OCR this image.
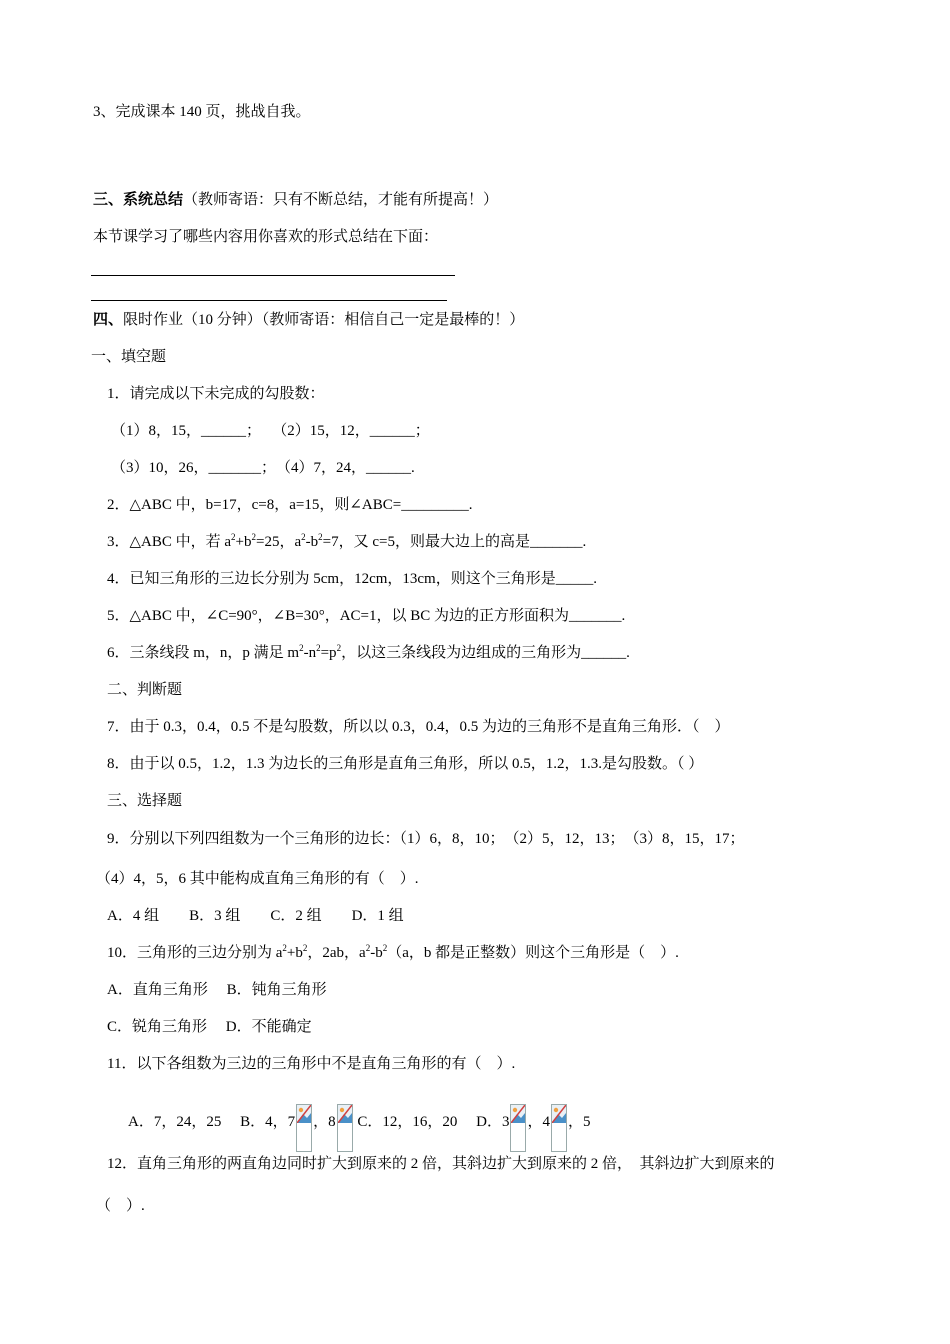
3、完成课本 140 页，挑战自我。
三、系统总结（教师寄语：只有不断总结，才能有所提高！）
本节课学习了哪些内容用你喜欢的形式总结在下面：
四、限时作业（10 分钟）（教师寄语：相信自己一定是最棒的！）
一、填空题
1．请完成以下未完成的勾股数：
（1）8，15，______；　 （2）15，12，______；
（3）10，26，_______；　（4）7，24，______.
2．△ABC 中，b=17，c=8，a=15，则∠ABC=_________.
3．△ABC 中，若 $a^2+b^2=25$，$a^2-b^2=7$，又 c=5，则最大边上的高是_______.
4．已知三角形的三边长分别为 5cm，12cm，13cm，则这个三角形是_____.
5．△ABC 中，∠C=90°，∠B=30°，AC=1，以 BC 为边的正方形面积为_______.
6．三条线段 m，n，p 满足 $m^2-n^2=p^2$，以这三条线段为边组成的三角形为______.
二、判断题
7．由于 0.3，0.4，0.5 不是勾股数，所以以 0.3，0.4，0.5 为边的三角形不是直角三角形．（　）
8．由于以 0.5，1.2，1.3 为边长的三角形是直角三角形，所以 0.5，1.2，1.3.是勾股数。（ ）
三、选择题
9．分别以下列四组数为一个三角形的边长：（1）6，8，10；　（2）5，12，13；　（3）8，15，17；
（4）4，5，6 其中能构成直角三角形的有（　）.
A．4 组　　B．3 组　　C．2 组　　D．1 组
10．三角形的三边分别为 $a^2+b^2$，2ab，$a^2-b^2(a$，b 都是正整数）则这个三角形是（　）.
A．直角三角形　 B．钝角三角形
C．锐角三角形　 D．不能确定
11．以下各组数为三边的三角形中不是直角三角形的有（　）.
A．7，24，25　 B．4，7 ，8 C．12，16，20　 D．3 ，4 ，5
12．直角三角形的两直角边同时扩大到原来的 2 倍，其斜边扩大到原来的 2 倍，　其斜边扩大到原来的
（　）.
